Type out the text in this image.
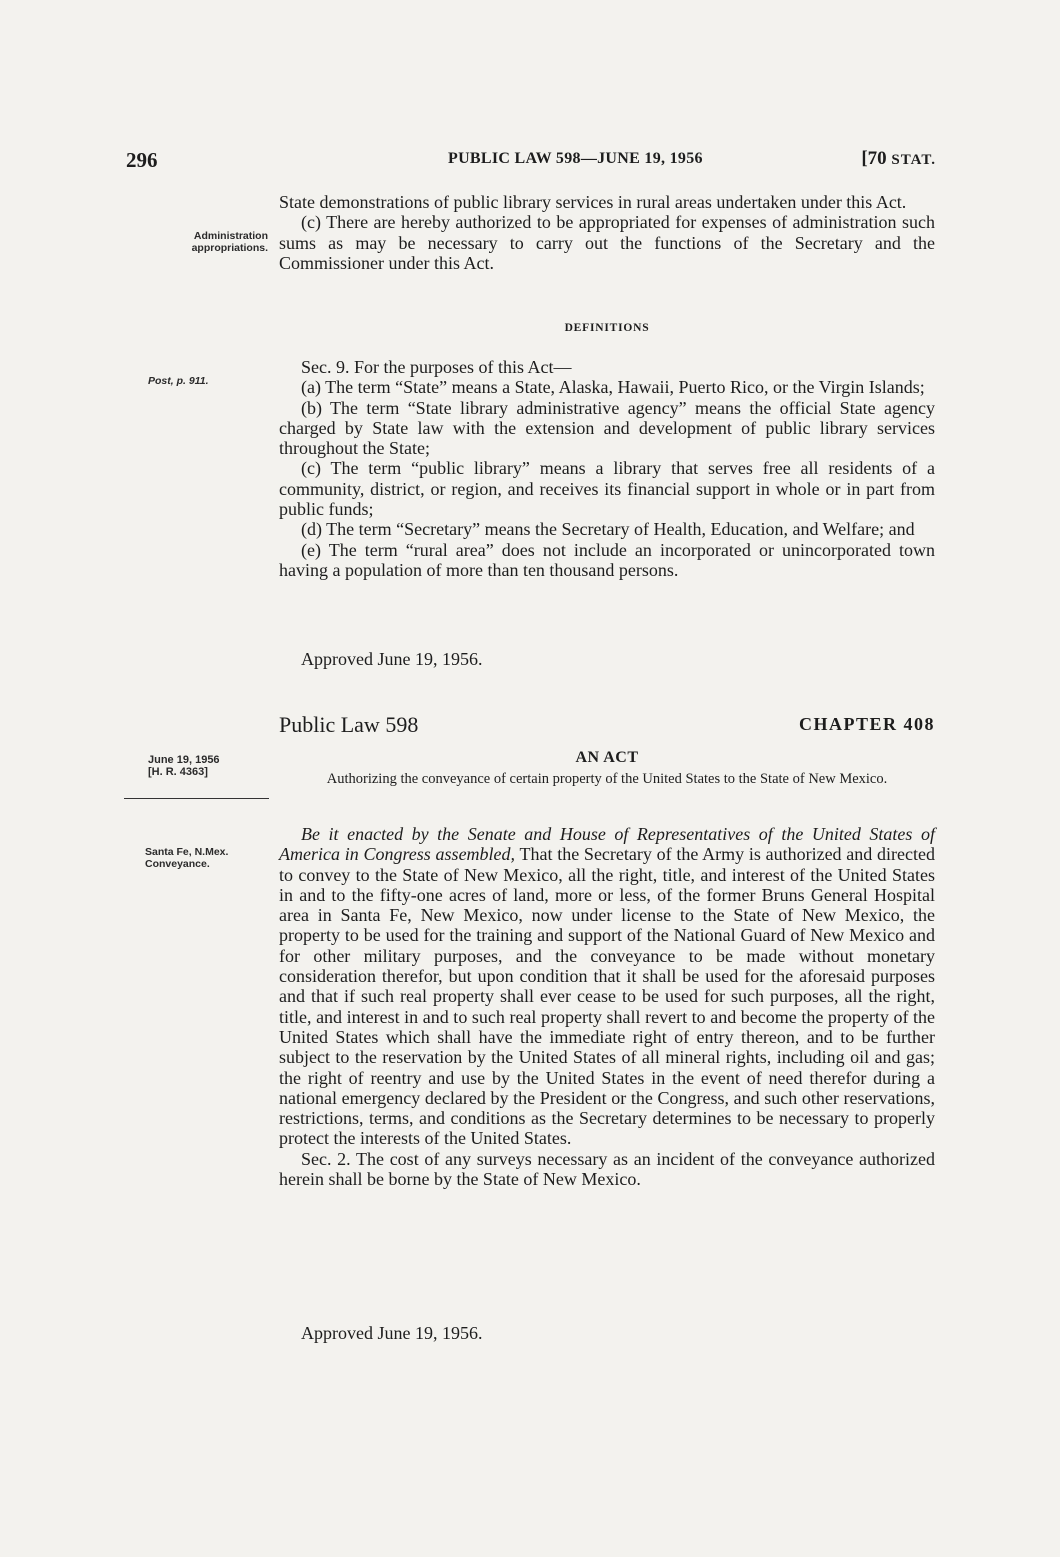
296	PUBLIC LAW 598—JUNE 19, 1956	[70 STAT.
Administration appropriations.
Post, p. 911.
June 19, 1956
[H. R. 4363]
Santa Fe, N.Mex.
Conveyance.

State demonstrations of public library services in rural areas undertaken under this Act.

(c) There are hereby authorized to be appropriated for expenses of administration such sums as may be necessary to carry out the functions of the Secretary and the Commissioner under this Act.

DEFINITIONS

Sec. 9. For the purposes of this Act—

(a) The term “State” means a State, Alaska, Hawaii, Puerto Rico, or the Virgin Islands;

(b) The term “State library administrative agency” means the official State agency charged by State law with the extension and development of public library services throughout the State;

(c) The term “public library” means a library that serves free all residents of a community, district, or region, and receives its financial support in whole or in part from public funds;

(d) The term “Secretary” means the Secretary of Health, Education, and Welfare; and

(e) The term “rural area” does not include an incorporated or unincorporated town having a population of more than ten thousand persons.

Approved June 19, 1956.
Public Law 598	CHAPTER 408
AN ACT
Authorizing the conveyance of certain property of the United States to the State of New Mexico.

Be it enacted by the Senate and House of Representatives of the United States of America in Congress assembled, That the Secretary of the Army is authorized and directed to convey to the State of New Mexico, all the right, title, and interest of the United States in and to the fifty-one acres of land, more or less, of the former Bruns General Hospital area in Santa Fe, New Mexico, now under license to the State of New Mexico, the property to be used for the training and support of the National Guard of New Mexico and for other military purposes, and the conveyance to be made without monetary consideration therefor, but upon condition that it shall be used for the aforesaid purposes and that if such real property shall ever cease to be used for such purposes, all the right, title, and interest in and to such real property shall revert to and become the property of the United States which shall have the immediate right of entry thereon, and to be further subject to the reservation by the United States of all mineral rights, including oil and gas; the right of reentry and use by the United States in the event of need therefor during a national emergency declared by the President or the Congress, and such other reservations, restrictions, terms, and conditions as the Secretary determines to be necessary to properly protect the interests of the United States.

Sec. 2. The cost of any surveys necessary as an incident of the conveyance authorized herein shall be borne by the State of New Mexico.

Approved June 19, 1956.
